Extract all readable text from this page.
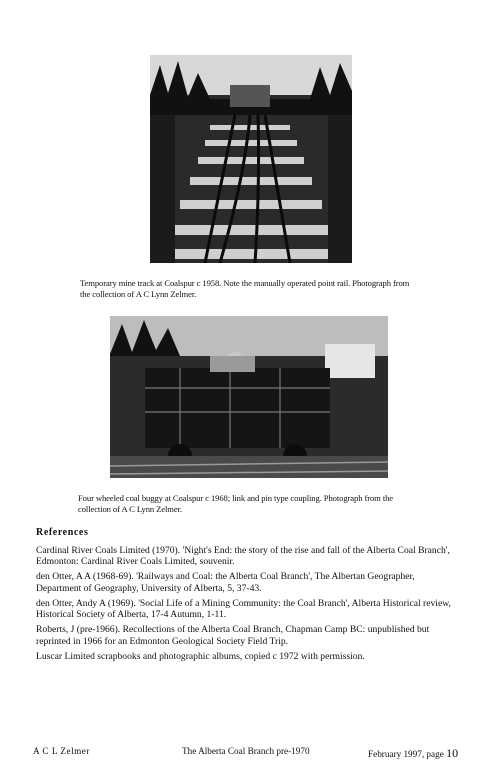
Temporary mine track at Coalspur c 1958. Note the manually operated point rail. Photograph from the collection of A C Lynn Zelmer.
Four wheeled coal buggy at Coalspur c 1968; link and pin type coupling. Photograph from the collection of A C Lynn Zelmer.
References
Cardinal River Coals Limited (1970). 'Night's End: the story of the rise and fall of the Alberta Coal Branch', Edmonton: Cardinal River Coals Limited, souvenir.
den Otter, A A (1968-69). 'Railways and Coal: the Alberta Coal Branch', The Albertan Geographer, Department of Geography, University of Alberta, 5, 37-43.
den Otter, Andy A (1969). 'Social Life of a Mining Community: the Coal Branch', Alberta Historical review, Historical Society of Alberta, 17-4 Autumn, 1-11.
Roberts, J (pre-1966). Recollections of the Alberta Coal Branch, Chapman Camp BC: unpublished but reprinted in 1966 for an Edmonton Geological Society Field Trip.
Luscar Limited scrapbooks and photographic albums, copied c 1972 with permission.
A C L Zelmer	The Alberta Coal Branch pre-1970	February 1997, page 10
